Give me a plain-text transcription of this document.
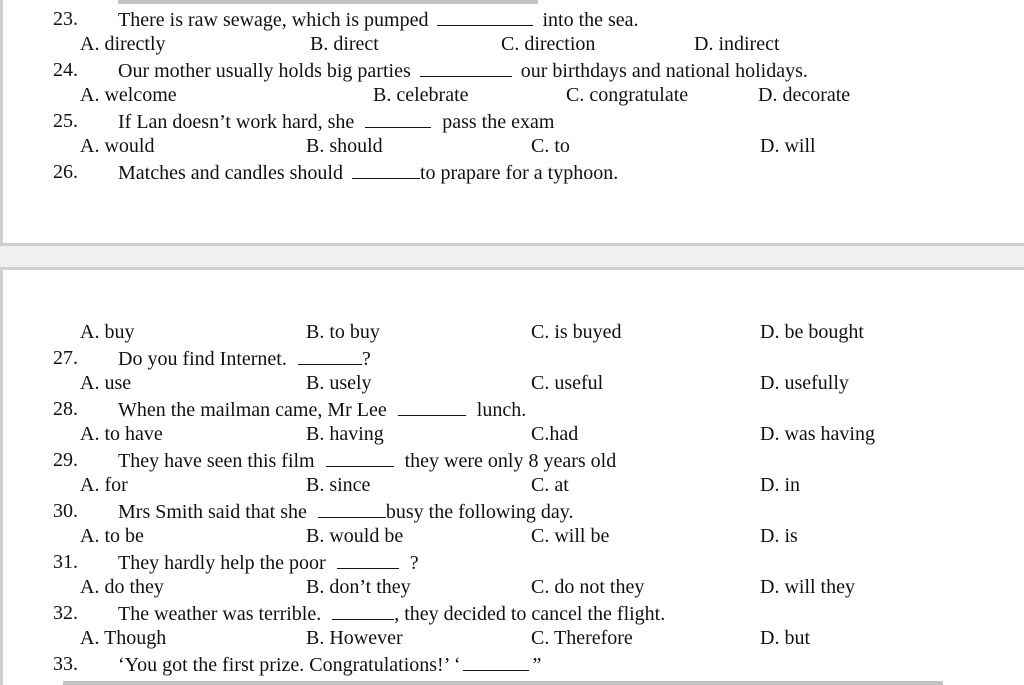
23. There is raw sewage, which is pumped	into the sea.
A. directly	B. direct	C. direction	D. indirect
24. Our mother usually holds big parties	our birthdays and national holidays.
A. welcome	B. celebrate	C. congratulate	D. decorate
25. If Lan doesn’t work hard, she	pass the exam
A. would	B. should	C. to	D. will
26. Matches and candles should	to prapare for a typhoon.
A. buy	B. to buy	C. is buyed	D. be bought
27. Do you find Internet.	?
A. use	B. usely	C. useful	D. usefully
28. When the mailman came, Mr Lee	lunch.
A. to have	B. having	C.had	D. was having
29. They have seen this film	they were only 8 years old
A. for	B. since	C. at	D. in
30. Mrs Smith said that she	busy the following day.
A. to be	B. would be	C. will be	D. is
31. They hardly help the poor	?
A. do they	B. don’t they	C. do not they	D. will they
32. The weather was terrible.	, they decided to cancel the flight.
A. Though	B. However	C. Therefore	D. but
33. ‘You got the first prize. Congratulations!’ ‘	”
